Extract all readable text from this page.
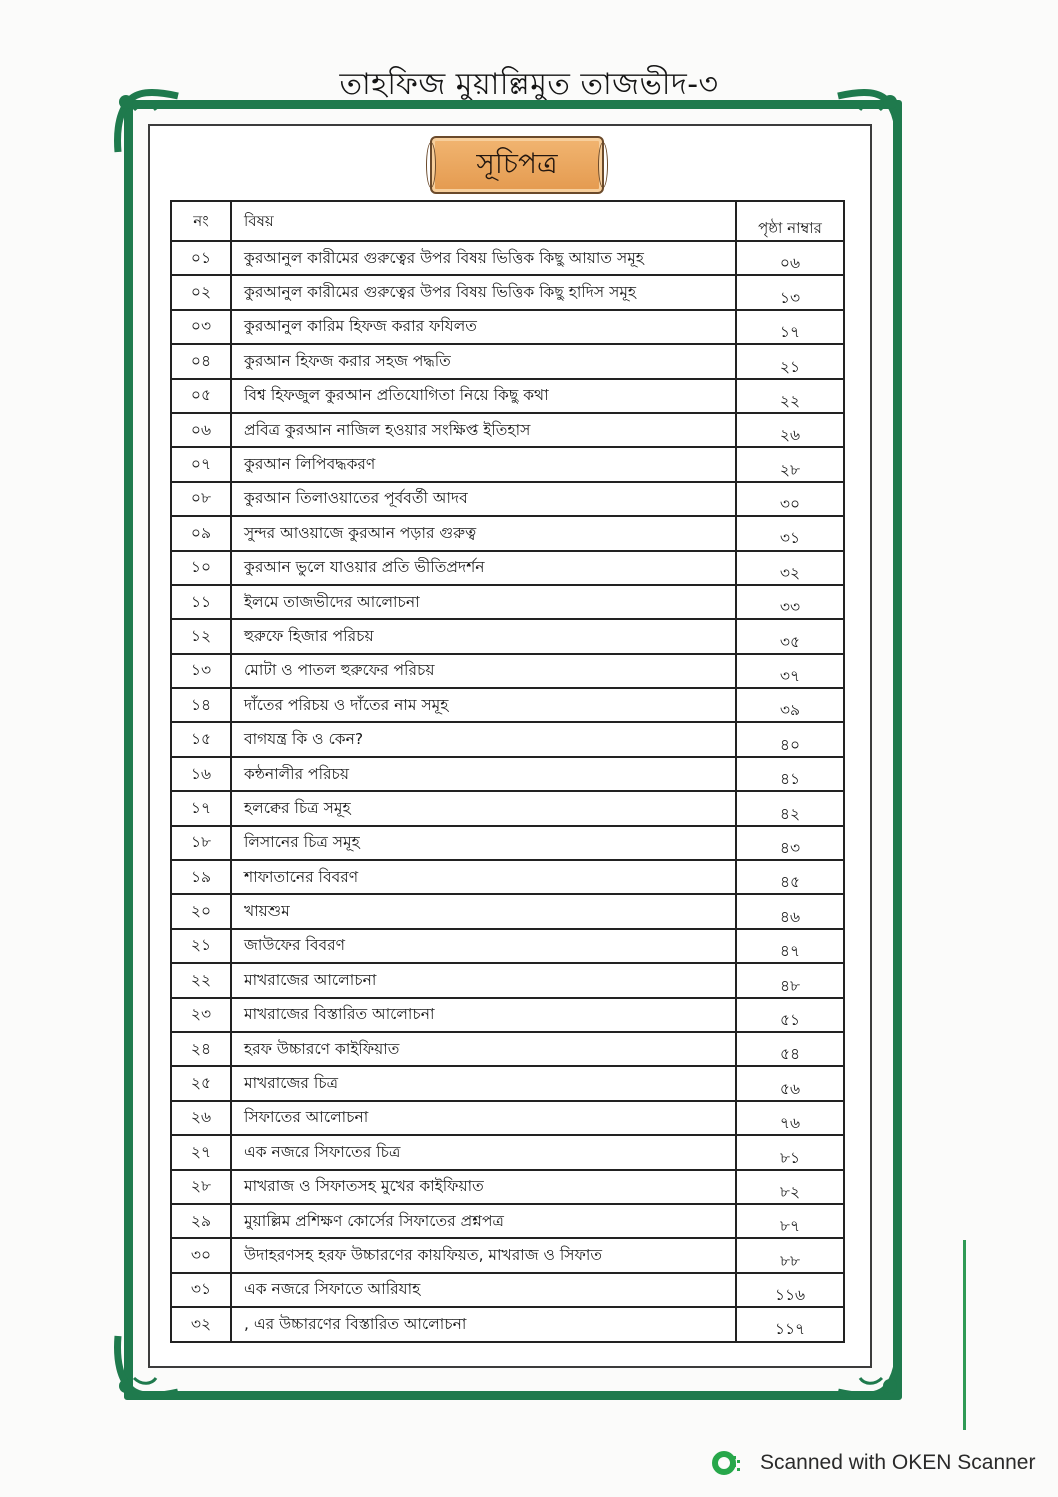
তাহফিজ মুয়াল্লিমুত তাজভীদ-৩
সূচিপত্র
নং	বিষয়	পৃষ্ঠা নাম্বার
০১	কুরআনুল কারীমের গুরুত্বের উপর বিষয় ভিত্তিক কিছু আয়াত সমূহ	০৬
০২	কুরআনুল কারীমের গুরুত্বের উপর বিষয় ভিত্তিক কিছু হাদিস সমূহ	১৩
০৩	কুরআনুল কারিম হিফজ করার ফযিলত	১৭
০৪	কুরআন হিফজ করার সহজ পদ্ধতি	২১
০৫	বিশ্ব হিফজুল কুরআন প্রতিযোগিতা নিয়ে কিছু কথা	২২
০৬	প্রবিত্র কুরআন নাজিল হওয়ার সংক্ষিপ্ত ইতিহাস	২৬
০৭	কুরআন লিপিবদ্ধকরণ	২৮
০৮	কুরআন তিলাওয়াতের পূর্ববর্তী আদব	৩০
০৯	সুন্দর আওয়াজে কুরআন পড়ার গুরুত্ব	৩১
১০	কুরআন ভুলে যাওয়ার প্রতি ভীতিপ্রদর্শন	৩২
১১	ইলমে তাজভীদের আলোচনা	৩৩
১২	হুরুফে হিজার পরিচয়	৩৫
১৩	মোটা ও পাতল হুরুফের পরিচয়	৩৭
১৪	দাঁতের পরিচয় ও দাঁতের নাম সমূহ	৩৯
১৫	বাগযন্ত্র কি ও কেন?	৪০
১৬	কন্ঠনালীর পরিচয়	৪১
১৭	হলক্বের চিত্র সমূহ	৪২
১৮	লিসানের চিত্র সমূহ	৪৩
১৯	শাফাতানের বিবরণ	৪৫
২০	খায়শুম	৪৬
২১	জাউফের বিবরণ	৪৭
২২	মাখরাজের আলোচনা	৪৮
২৩	মাখরাজের বিস্তারিত আলোচনা	৫১
২৪	হরফ উচ্চারণে কাইফিয়াত	৫৪
২৫	মাখরাজের চিত্র	৫৬
২৬	সিফাতের আলোচনা	৭৬
২৭	এক নজরে সিফাতের চিত্র	৮১
২৮	মাখরাজ ও সিফাতসহ মুখের কাইফিয়াত	৮২
২৯	মুয়াল্লিম প্রশিক্ষণ কোর্সের সিফাতের প্রশ্নপত্র	৮৭
৩০	উদাহরণসহ হরফ উচ্চারণের কায়ফিয়ত, মাখরাজ ও সিফাত	৮৮
৩১	এক নজরে সিফাতে আরিযাহ	১১৬
৩২	, এর উচ্চারণের বিস্তারিত আলোচনা	১১৭
Scanned with OKEN Scanner
